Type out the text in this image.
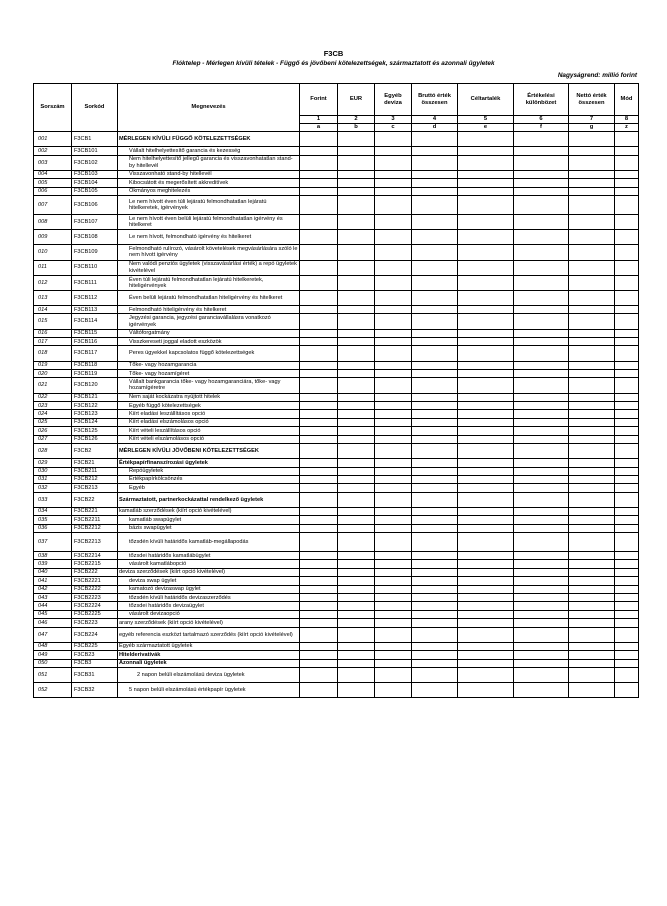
F3CB
Flóktelep - Mérlegen kívüli tételek - Függő és jövőbeni kötelezettségek, származtatott és azonnali ügyletek
Nagyságrend: millió forint
Sorszám	Sorkód	Megnevezés	Forint	EUR	Egyéb deviza	Bruttó érték összesen	Céltartalék	Értékelési különbözet	Nettó érték összesen	Mód
			1	2	3	4	5	6	7	8
			a	b	c	d	e	f	g	z
001	F3CB1	MÉRLEGEN KÍVÜLI FÜGGŐ KÖTELEZETTSÉGEK								

002	F3CB101	Vállalt hitelhelyettesítő garancia és kezesség								

003	F3CB102	Nem hitelhelyettesítő jellegű garancia és visszavonhatatlan stand-by hitellevél								

004	F3CB103	Visszavonható stand-by hitellevél								

005	F3CB104	Kibocsátott és megerősített akkreditívek								

006	F3CB105	Okmányos meghitelezés								

007	F3CB106	Le nem hívott éven túli lejáratú felmondhatatlan lejáratú hitelkeretek, igérvények								

008	F3CB107	Le nem hívott éven belüli lejáratú felmondhatatlan igérvény és hitelkeret								

009	F3CB108	Le nem hívott, felmondható igérvény és hitelkeret								

010	F3CB109	Felmondható rulírozó, vásárolt követelések megvásárlására szóló le nem hívott igérvény								

011	F3CB110	Nem valódi penziós ügyletek (visszavásárlási érték) a repó ügyletek kivételével								

012	F3CB111	Éven túli lejáratú felmondhatatlan lejáratú hitelkeretek, hiteligérvények								

013	F3CB112	Éven belüli lejáratú felmondhatatlan hiteligérvény és hitelkeret								

014	F3CB113	Felmondható hiteligérvény és hitelkeret								

015	F3CB114	Jegyzési garancia, jegyzési garanciavállalásra vonatkozó igérvények								

016	F3CB115	Váltóforgatmány								

017	F3CB116	Visszkereseti joggal eladott eszközök								

018	F3CB117	Peres ügyekkel kapcsolatos függő kötelezettségek								

019	F3CB118	Tőke- vagy hozamgarancia								

020	F3CB119	Tőke- vagy hozamígéret								

021	F3CB120	Vállalt bankgarancia tőke- vagy hozamgaranciára, tőke- vagy hozamígéretre								

022	F3CB121	Nem saját kockázatra nyújtott hitelek								

023	F3CB122	Egyéb függő kötelezettségek								

024	F3CB123	Kiírt eladási leszállításos opció								

025	F3CB124	Kiírt eladási elszámolásos opció								

026	F3CB125	Kiírt vételi leszállításos opció								

027	F3CB126	Kiírt vételi elszámolásos opció								

028	F3CB2	MÉRLEGEN KÍVÜLI JÖVŐBENI KÖTELEZETTSÉGEK								

029	F3CB21	Értékpapírfinanszírozási ügyletek								

030	F3CB211	Repóügyletek								

031	F3CB212	Értékpapírkölcsönzés								

032	F3CB213	Egyéb								

033	F3CB22	Származtatott, partnerkockázattal rendelkező ügyletek								

034	F3CB221	kamatláb szerződések (kiírt opció kivételével)								

035	F3CB2211	kamatláb swapügylet								

036	F3CB2212	bázis swapügylet								

037	F3CB2213	tőzsdén kívüli határidős kamatláb-megállapodás								

038	F3CB2214	tőzsdei határidős kamatlábügylet								

039	F3CB2215	vásárolt kamatlábopció								

040	F3CB222	deviza szerződések (kiírt opció kivételével)								

041	F3CB2221	deviza swap ügylet								

042	F3CB2222	kamatozó devizaswap ügylet								

043	F3CB2223	tőzsdén kívüli határidős devizaszerződés								

044	F3CB2224	tőzsdei határidős devizaügylet								

045	F3CB2225	vásárolt devizaopció								

046	F3CB223	arany szerződések (kiírt opció kivételével)								

047	F3CB224	egyéb referencia eszközt tartalmazó szerződés (kiírt opció kivételével)								

048	F3CB225	Egyéb származtatott ügyletek								

049	F3CB23	Hitelderivatívák								

050	F3CB3	Azonnali ügyletek								

051	F3CB31	2 napon belüli elszámolású deviza ügyletek								

052	F3CB32	5 napon belüli elszámolású értékpapír ügyletek								
